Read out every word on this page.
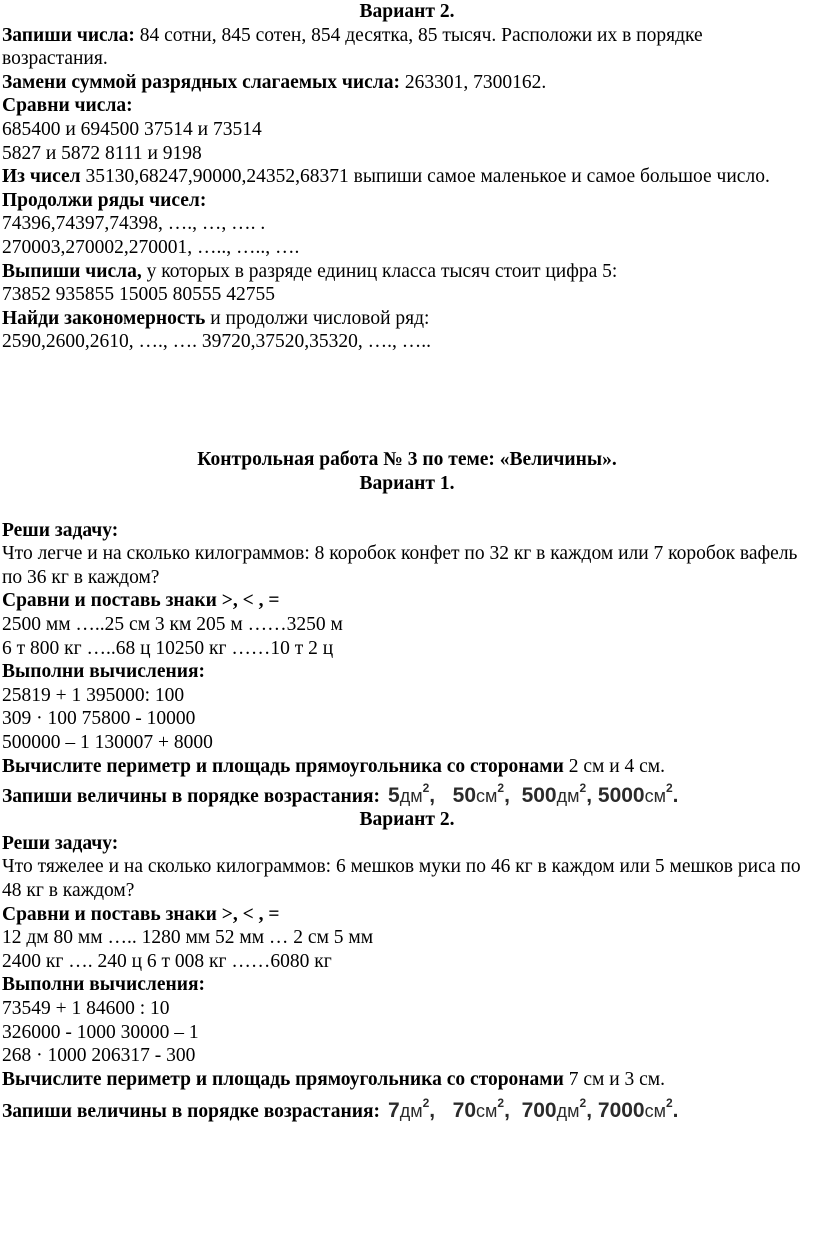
Вариант 2.
Запиши числа: 84 сотни, 845 сотен, 854 десятка, 85 тысяч. Расположи их в порядке возрастания.
Замени суммой разрядных слагаемых числа: 263301, 7300162.
Сравни числа:
685400 и 694500 37514 и 73514
5827 и 5872 8111 и 9198
Из чисел 35130,68247,90000,24352,68371 выпиши самое маленькое и самое большое число.
Продолжи ряды чисел:
74396,74397,74398, …., …, …. .
270003,270002,270001, ….., ….., ….
Выпиши числа, у которых в разряде единиц класса тысяч стоит цифра 5:
73852 935855 15005 80555 42755
Найди закономерность и продолжи числовой ряд:
2590,2600,2610, …., …. 39720,37520,35320, …., …..
Контрольная работа № 3 по теме: «Величины».
Вариант 1.
Реши задачу:
Что легче и на сколько килограммов: 8 коробок конфет по 32 кг в каждом или 7 коробок вафель по 36 кг в каждом?
Сравни и поставь знаки >, < , =
2500 мм …..25 см 3 км 205 м ……3250 м
6 т 800 кг …..68 ц 10250 кг ……10 т 2 ц
Выполни вычисления:
25819 + 1 395000: 100
309 · 100 75800 - 10000
500000 – 1 130007 + 8000
Вычислите периметр и площадь прямоугольника со сторонами 2 см и 4 см.
Запиши величины в порядке возрастания: $5дм^2$,   $50см^2$,  $500дм^2$, $5000см^2$.
Вариант 2.
Реши задачу:
Что тяжелее и на сколько килограммов: 6 мешков муки по 46 кг в каждом или 5 мешков риса по 48 кг в каждом?
Сравни и поставь знаки >, < , =
12 дм 80 мм ….. 1280 мм 52 мм … 2 см 5 мм
2400 кг …. 240 ц 6 т 008 кг ……6080 кг
Выполни вычисления:
73549 + 1 84600 : 10
326000 - 1000 30000 – 1
268 · 1000 206317 - 300
Вычислите периметр и площадь прямоугольника со сторонами 7 см и 3 см.
Запиши величины в порядке возрастания: $7дм^2$,   $70см^2$,  $700дм^2$, $7000см^2$.
